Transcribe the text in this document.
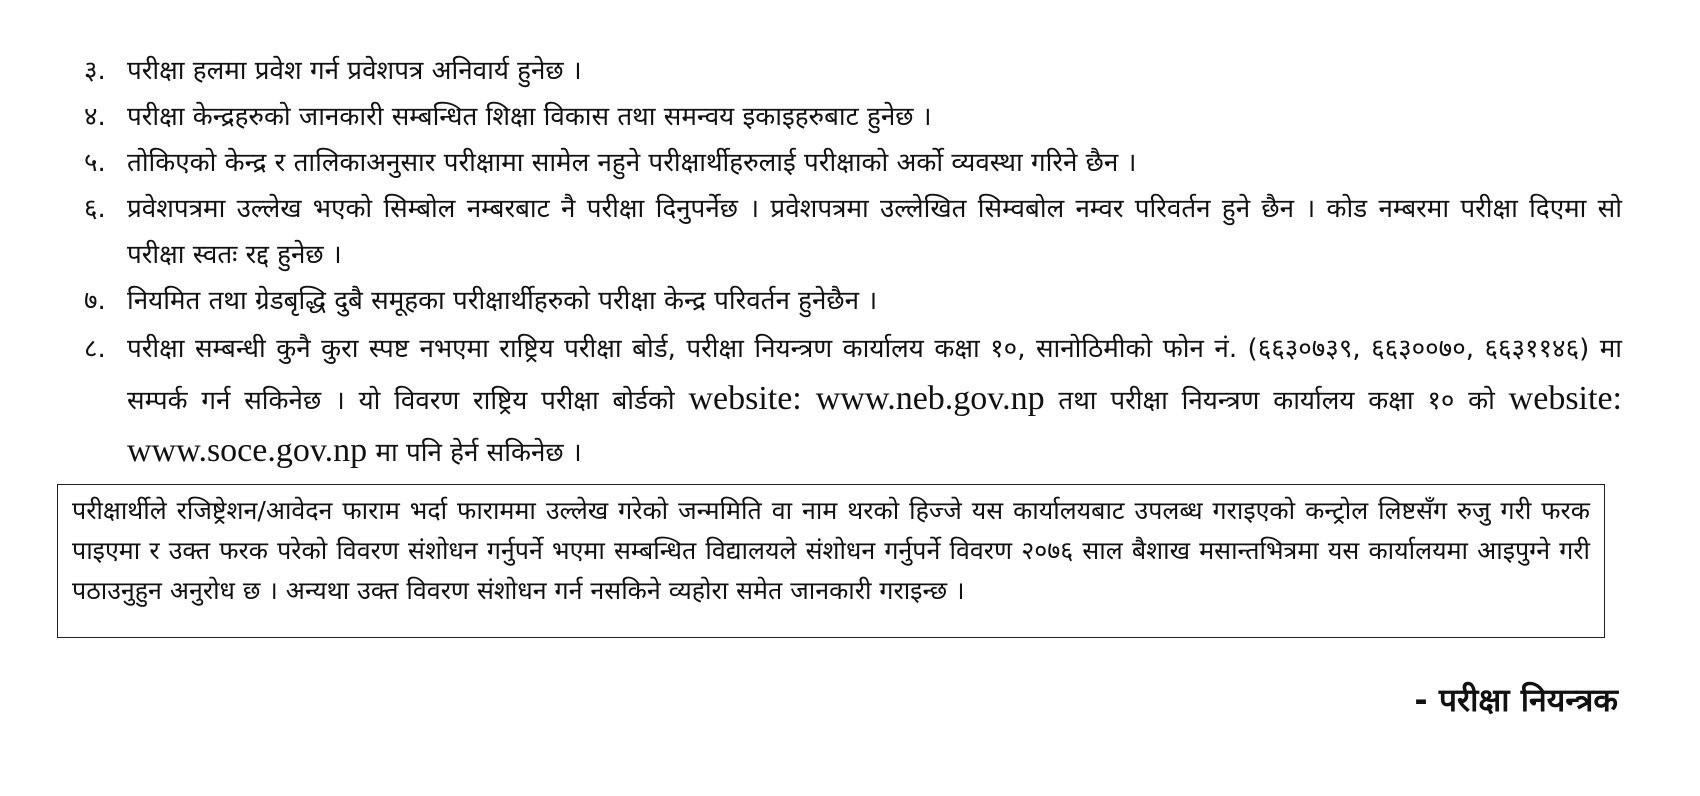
३. परीक्षा हलमा प्रवेश गर्न प्रवेशपत्र अनिवार्य हुनेछ ।
४. परीक्षा केन्द्रहरुको जानकारी सम्बन्धित शिक्षा विकास तथा समन्वय इकाइहरुबाट हुनेछ ।
५. तोकिएको केन्द्र र तालिकाअनुसार परीक्षामा सामेल नहुने परीक्षार्थीहरुलाई परीक्षाको अर्को व्यवस्था गरिने छैन ।
६. प्रवेशपत्रमा उल्लेख भएको सिम्बोल नम्बरबाट नै परीक्षा दिनुपर्नेछ । प्रवेशपत्रमा उल्लेखित सिम्वबोल नम्वर परिवर्तन हुने छैन । कोड नम्बरमा परीक्षा दिएमा सो परीक्षा स्वतः रद्द हुनेछ ।
७. नियमित तथा ग्रेडबृद्धि दुबै समूहका परीक्षार्थीहरुको परीक्षा केन्द्र परिवर्तन हुनेछैन ।
८. परीक्षा सम्बन्धी कुनै कुरा स्पष्ट नभएमा राष्ट्रिय परीक्षा बोर्ड, परीक्षा नियन्त्रण कार्यालय कक्षा १०, सानोठिमीको फोन नं. (६६३०७३९, ६६३००७०, ६६३११४६) मा सम्पर्क गर्न सकिनेछ । यो विवरण राष्ट्रिय परीक्षा बोर्डको website: www.neb.gov.np तथा परीक्षा नियन्त्रण कार्यालय कक्षा १० को website: www.soce.gov.np मा पनि हेर्न सकिनेछ ।
परीक्षार्थीले रजिष्ट्रेशन/आवेदन फाराम भर्दा फाराममा उल्लेख गरेको जन्ममिति वा नाम थरको हिज्जे यस कार्यालयबाट उपलब्ध गराइएको कन्ट्रोल लिष्टसँग रुजु गरी फरक पाइएमा र उक्त फरक परेको विवरण संशोधन गर्नुपर्ने भएमा सम्बन्धित विद्यालयले संशोधन गर्नुपर्ने विवरण २०७६ साल बैशाख मसान्तभित्रमा यस कार्यालयमा आइपुग्ने गरी पठाउनुहुन अनुरोध छ । अन्यथा उक्त विवरण संशोधन गर्न नसकिने व्यहोरा समेत जानकारी गराइन्छ ।
- परीक्षा नियन्त्रक
